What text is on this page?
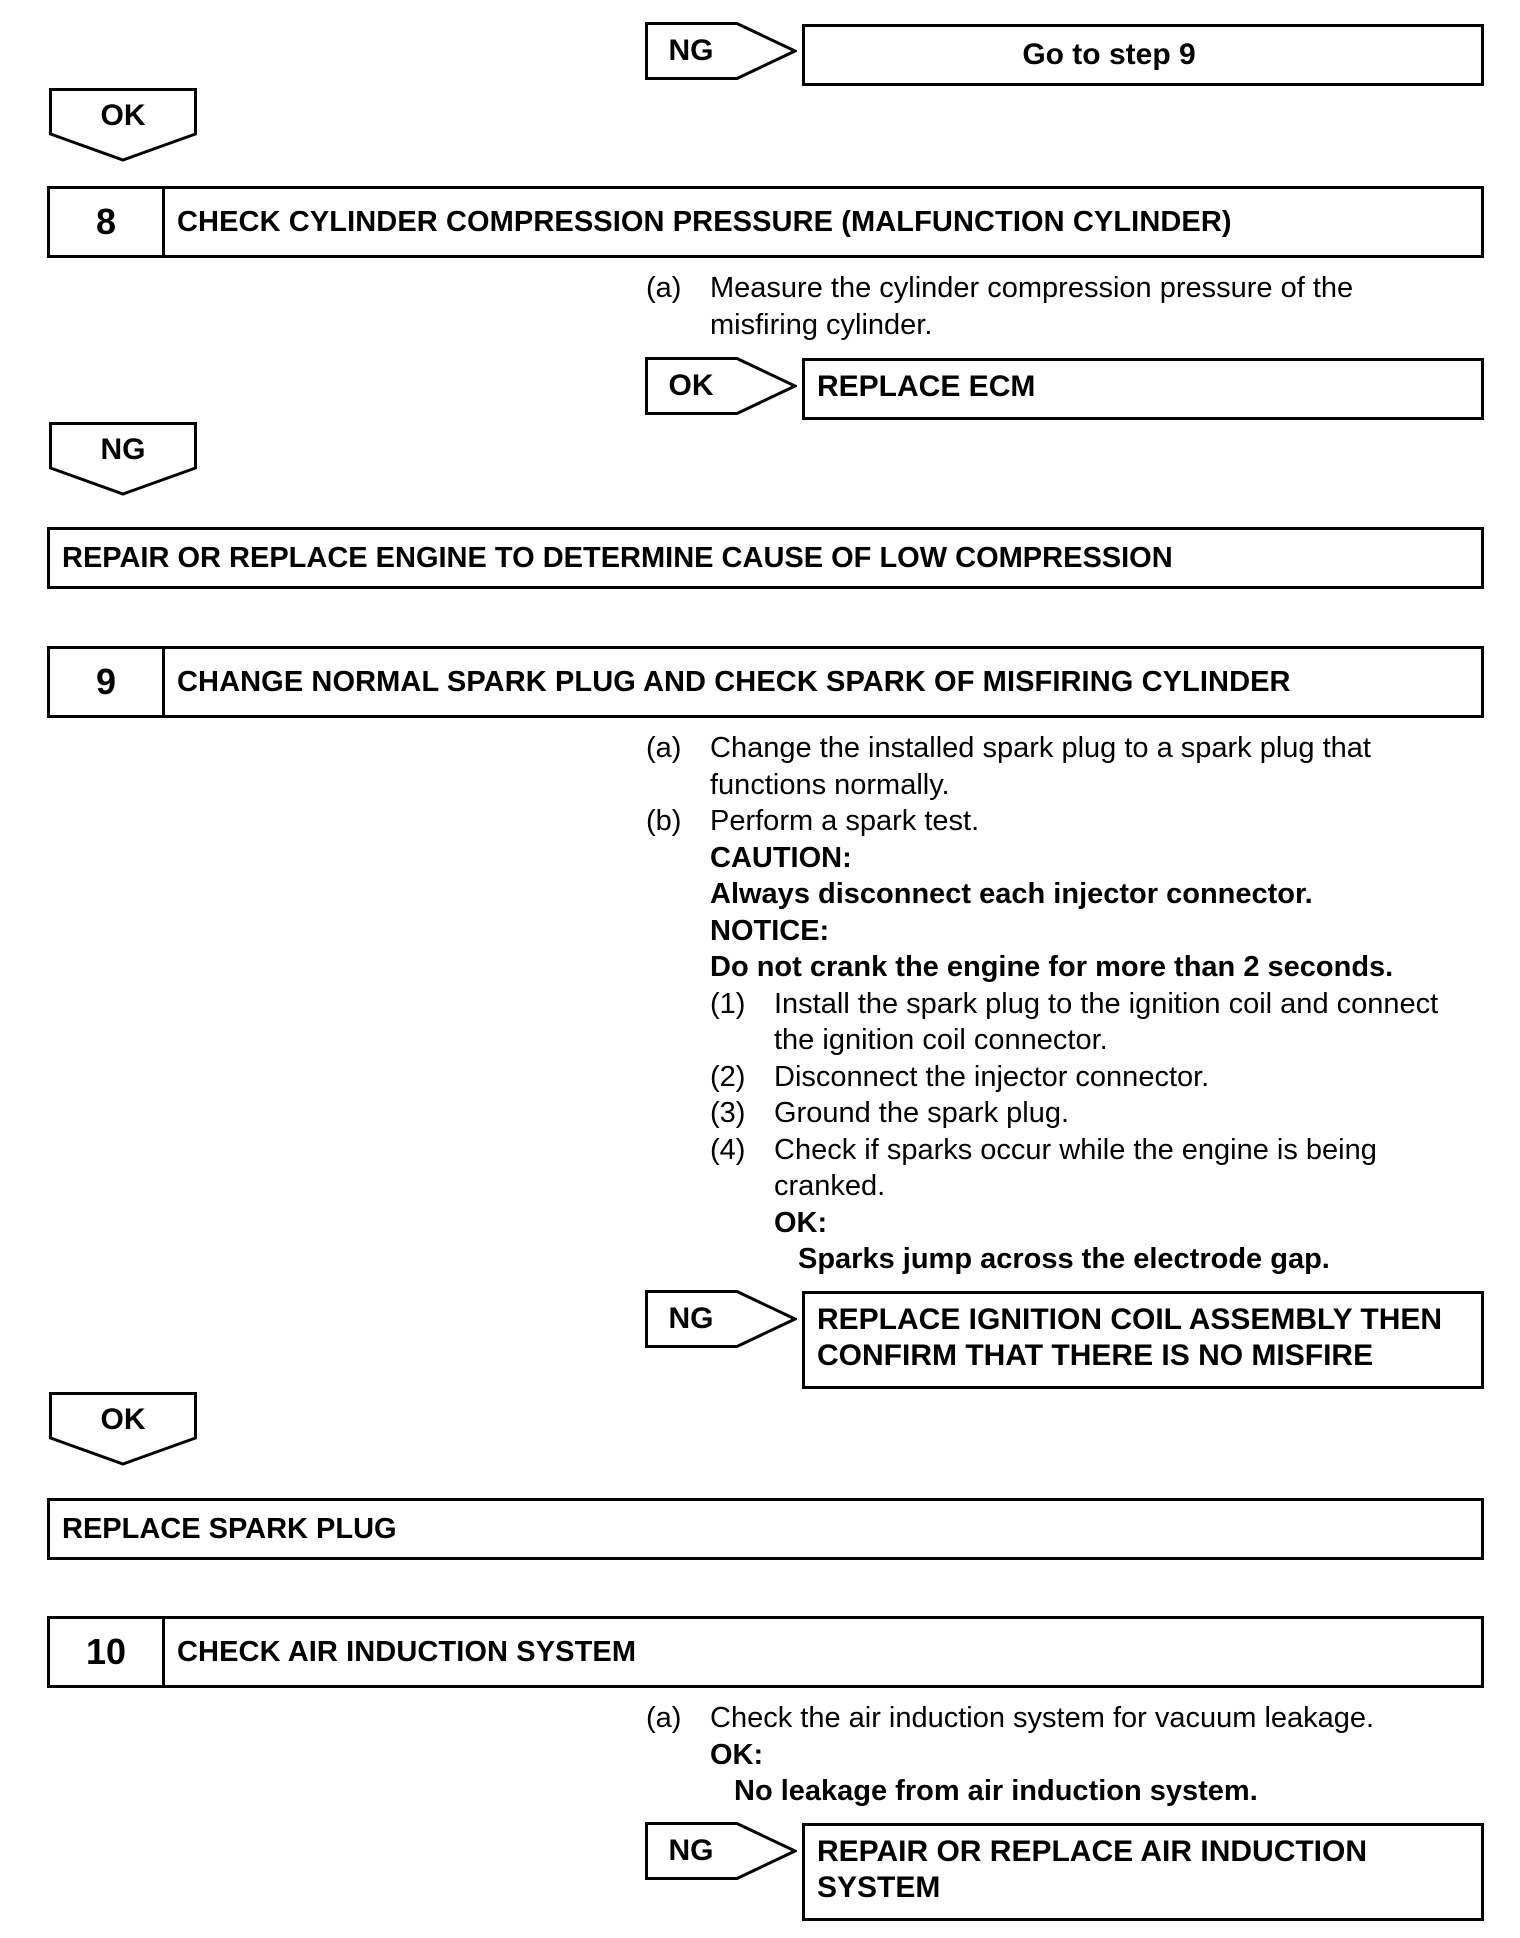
NG	Go to step 9
OK
8	CHECK CYLINDER COMPRESSION PRESSURE (MALFUNCTION CYLINDER)
(a) Measure the cylinder compression pressure of the
misfiring cylinder.
OK	REPLACE ECM
NG
REPAIR OR REPLACE ENGINE TO DETERMINE CAUSE OF LOW COMPRESSION
9	CHANGE NORMAL SPARK PLUG AND CHECK SPARK OF MISFIRING CYLINDER
(a) Change the installed spark plug to a spark plug that
functions normally.
(b) Perform a spark test.
CAUTION:
Always disconnect each injector connector.
NOTICE:
Do not crank the engine for more than 2 seconds.
(1) Install the spark plug to the ignition coil and connect
the ignition coil connector.
(2) Disconnect the injector connector.
(3) Ground the spark plug.
(4) Check if sparks occur while the engine is being
cranked.
OK:
Sparks jump across the electrode gap.
NG	REPLACE IGNITION COIL ASSEMBLY THEN
CONFIRM THAT THERE IS NO MISFIRE
OK
REPLACE SPARK PLUG
10	CHECK AIR INDUCTION SYSTEM
(a) Check the air induction system for vacuum leakage.
OK:
No leakage from air induction system.
NG	REPAIR OR REPLACE AIR INDUCTION
SYSTEM
